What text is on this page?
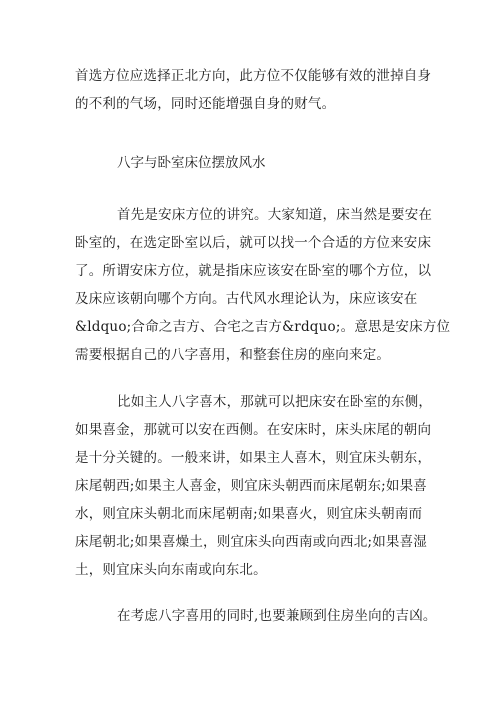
首选方位应选择正北方向，此方位不仅能够有效的泄掉自身
的不利的气场，同时还能增强自身的财气。
八字与卧室床位摆放风水
首先是安床方位的讲究。大家知道，床当然是要安在
卧室的，在选定卧室以后，就可以找一个合适的方位来安床
了。所谓安床方位，就是指床应该安在卧室的哪个方位，以
及床应该朝向哪个方向。古代风水理论认为，床应该安在
&ldquo;合命之吉方、合宅之吉方&rdquo;。意思是安床方位
需要根据自己的八字喜用，和整套住房的座向来定。
比如主人八字喜木，那就可以把床安在卧室的东侧，
如果喜金，那就可以安在西侧。在安床时，床头床尾的朝向
是十分关键的。一般来讲，如果主人喜木，则宜床头朝东，
床尾朝西;如果主人喜金，则宜床头朝西而床尾朝东;如果喜
水，则宜床头朝北而床尾朝南;如果喜火，则宜床头朝南而
床尾朝北;如果喜燥土，则宜床头向西南或向西北;如果喜湿
土，则宜床头向东南或向东北。
在考虑八字喜用的同时,也要兼顾到住房坐向的吉凶。
